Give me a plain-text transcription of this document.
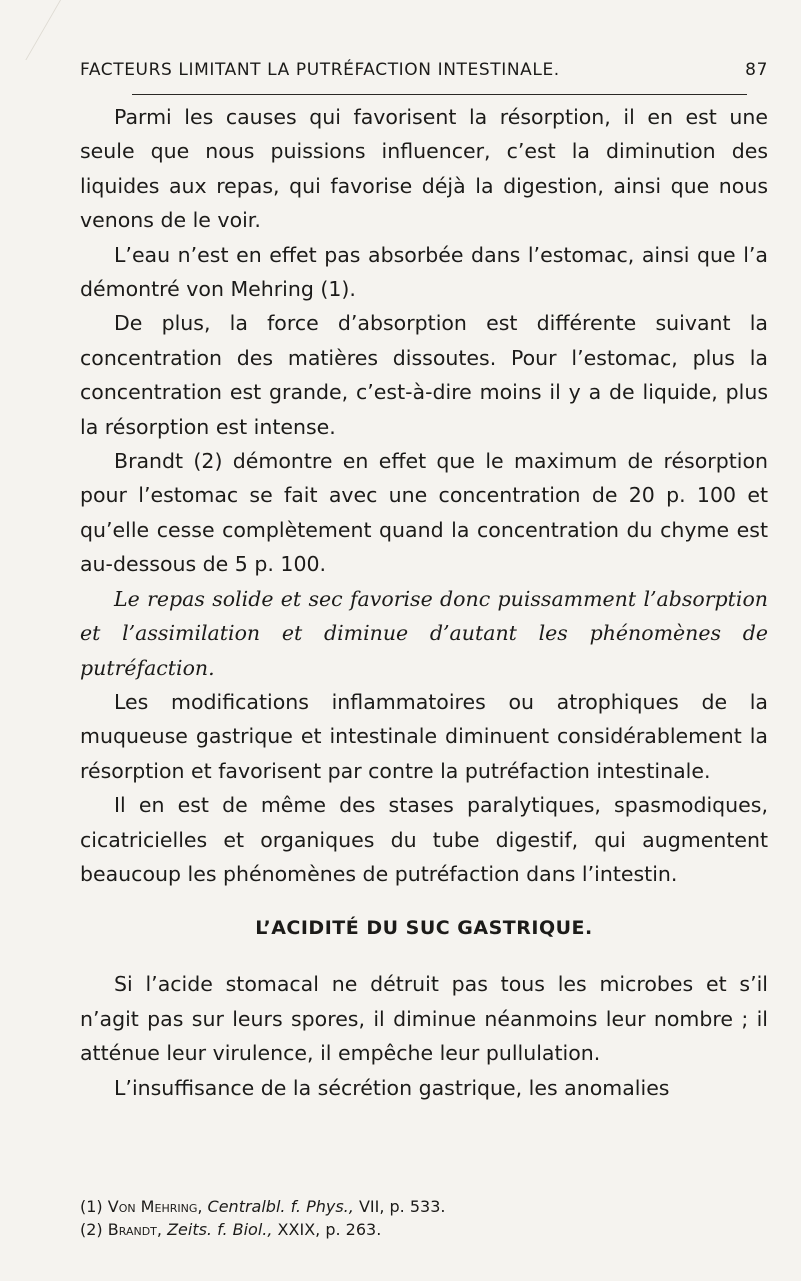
FACTEURS LIMITANT LA PUTRÉFACTION INTESTINALE.	87

Parmi les causes qui favorisent la résorption, il en est une seule que nous puissions influencer, c’est la diminution des liquides aux repas, qui favorise déjà la digestion, ainsi que nous venons de le voir.

L’eau n’est en effet pas absorbée dans l’estomac, ainsi que l’a démontré von Mehring (1).

De plus, la force d’absorption est différente suivant la concentration des matières dissoutes. Pour l’estomac, plus la concentration est grande, c’est-à-dire moins il y a de liquide, plus la résorption est intense.

Brandt (2) démontre en effet que le maximum de résorption pour l’estomac se fait avec une concentration de 20 p. 100 et qu’elle cesse complètement quand la concentration du chyme est au-dessous de 5 p. 100.

Le repas solide et sec favorise donc puissamment l’absorption et l’assimilation et diminue d’autant les phénomènes de putréfaction.

Les modifications inflammatoires ou atrophiques de la muqueuse gastrique et intestinale diminuent considérablement la résorption et favorisent par contre la putréfaction intestinale.

Il en est de même des stases paralytiques, spasmodiques, cicatricielles et organiques du tube digestif, qui augmentent beaucoup les phénomènes de putréfaction dans l’intestin.

L’ACIDITÉ DU SUC GASTRIQUE.

Si l’acide stomacal ne détruit pas tous les microbes et s’il n’agit pas sur leurs spores, il diminue néanmoins leur nombre ; il atténue leur virulence, il empêche leur pullulation.

L’insuffisance de la sécrétion gastrique, les anomalies

(1) Von Mehring, Centralbl. f. Phys., VII, p. 533.
(2) Brandt, Zeits. f. Biol., XXIX, p. 263.
